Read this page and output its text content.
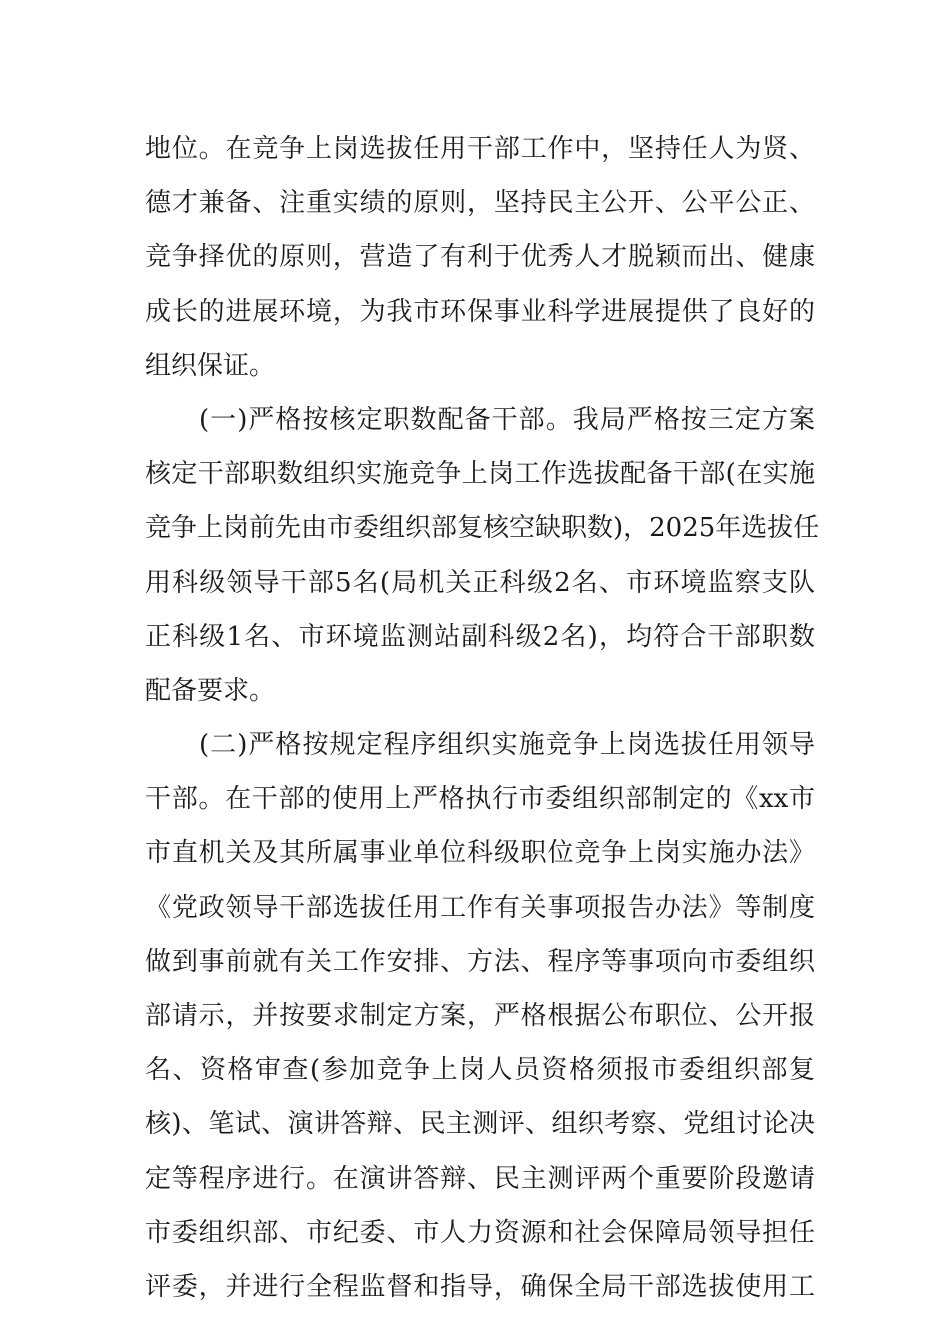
地位。在竞争上岗选拔任用干部工作中，坚持任人为贤、
德才兼备、注重实绩的原则，坚持民主公开、公平公正、
竞争择优的原则，营造了有利于优秀人才脱颖而出、健康
成长的进展环境，为我市环保事业科学进展提供了良好的
组织保证。
(一)严格按核定职数配备干部。我局严格按三定方案
核定干部职数组织实施竞争上岗工作选拔配备干部(在实施
竞争上岗前先由市委组织部复核空缺职数)，2025年选拔任
用科级领导干部5名(局机关正科级2名、市环境监察支队
正科级1名、市环境监测站副科级2名)，均符合干部职数
配备要求。
(二)严格按规定程序组织实施竞争上岗选拔任用领导
干部。在干部的使用上严格执行市委组织部制定的《xx市
市直机关及其所属事业单位科级职位竞争上岗实施办法》
《党政领导干部选拔任用工作有关事项报告办法》等制度
做到事前就有关工作安排、方法、程序等事项向市委组织
部请示，并按要求制定方案，严格根据公布职位、公开报
名、资格审查(参加竞争上岗人员资格须报市委组织部复
核)、笔试、演讲答辩、民主测评、组织考察、党组讨论决
定等程序进行。在演讲答辩、民主测评两个重要阶段邀请
市委组织部、市纪委、市人力资源和社会保障局领导担任
评委，并进行全程监督和指导，确保全局干部选拔使用工
